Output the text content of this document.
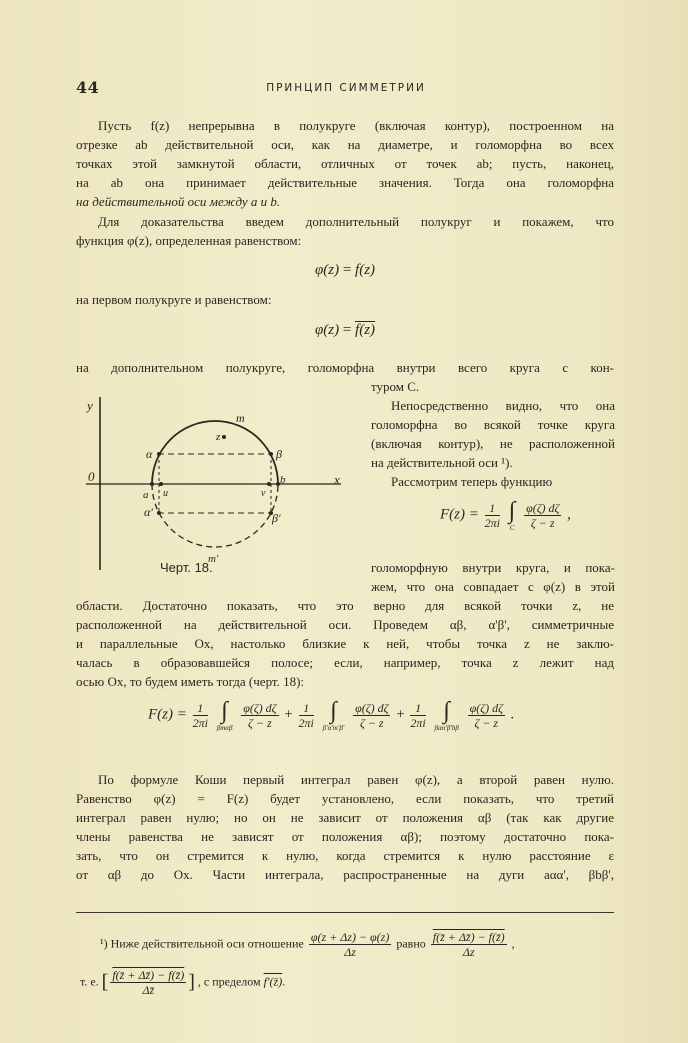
44	ПРИНЦИП СИММЕТРИИ
Пусть f(z) непрерывна в полукруге (включая контур), построенном на
отрезке ab действительной оси, как на диаметре, и голоморфна во всех
точках этой замкнутой области, отличных от точек ab; пусть, наконец,
на ab она принимает действительные значения. Тогда она голоморфна
на действительной оси между a и b.
Для доказательства введем дополнительный полукруг и покажем, что
функция φ(z), определенная равенством:
φ(z) = f(z)
на первом полукруге и равенством:
φ(z) = f(z)
на дополнительном полукруге, голоморфна внутри всего круга с кон-
туром C.
Непосредственно видно, что она
голоморфна во всякой точке круга
(включая контур), не расположенной
на действительной оси ¹).
Рассмотрим теперь функцию
$F(z) = \frac{1}{2\pi i}$
∫
C
$\frac{\varphi(\zeta) d\zeta}{\zeta - z}$ ,
y
x
0
m
z
α	β
α'	β'
a
b
u	v
m'
Черт. 18.	голоморфную внутри круга, и пока-
жем, что она совпадает с φ(z) в этой
области. Достаточно показать, что это верно для всякой точки z, не
расположенной на действительной оси. Проведем αβ, α'β', симметричные
и параллельные Ox, настолько близкие к ней, чтобы точка z не заклю-
чалась в образовавшейся полосе; если, например, точка z лежит над
осью Ox, то будем иметь тогда (черт. 18):
$F(z) = \frac{1}{2\pi i}$
∫
βmαβ
$\frac{\varphi(\zeta) d\zeta}{\zeta - z} + \frac{1}{2\pi i}$
∫
β'α'm'β'
$\frac{\varphi(\zeta) d\zeta}{\zeta - z} + \frac{1}{2\pi i}$
∫
βαα'β'bβ
$\frac{\varphi(\zeta) d\zeta}{\zeta - z}$ .
По формуле Коши первый интеграл равен φ(z), а второй равен нулю.
Равенство φ(z) = F(z) будет установлено, если показать, что третий
интеграл равен нулю; но он не зависит от положения αβ (так как другие
члены равенства не зависят от положения αβ); поэтому достаточно пока-
зать, что он стремится к нулю, когда стремится к нулю расстояние ε
от αβ до Ox. Части интеграла, распространенные на дуги aαα', βbβ',
¹) Ниже действительной оси отношение $\frac{\varphi(z + \Delta z) - \varphi(z)}{\Delta z}$ равно $\frac{f(z̄ + \Delta z̄) - f(z̄)}{\Delta z}$ ,
т. е. [ $\frac{f(z̄ + \Delta z̄) - f(z̄)}{\Delta z̄}$ ] , с пределом f'(z̄).
